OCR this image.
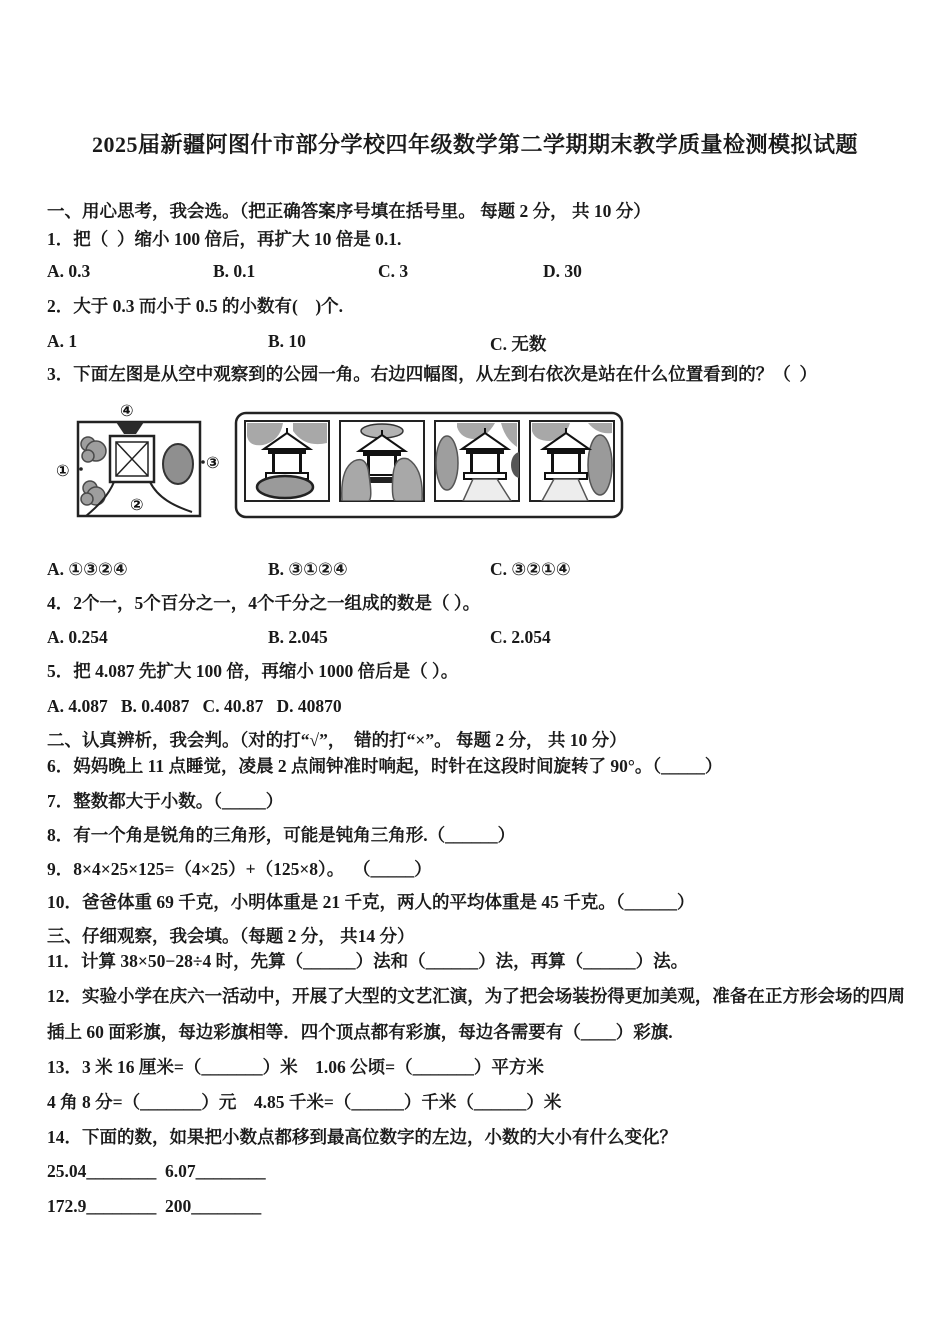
2025届新疆阿图什市部分学校四年级数学第二学期期末教学质量检测模拟试题

一、用心思考，我会选。（把正确答案序号填在括号里。 每题 2 分， 共 10 分）

1．把（  ）缩小 100 倍后，再扩大 10 倍是 0.1.

A. 0.3	B. 0.1	C. 3	D. 30

2．大于 0.3 而小于 0.5 的小数有(    )个.

A. 1	B. 10	C. 无数

3．下面左图是从空中观察到的公园一角。右边四幅图，从左到右依次是站在什么位置看到的？（  ）

④
①
②
③
A. ①③②④	B. ③①②④	C. ③②①④

4．2个一，5个百分之一，4个千分之一组成的数是（ ）。

A. 0.254	B. 2.045	C. 2.054

5．把 4.087 先扩大 100 倍，再缩小 1000 倍后是（ ）。

A. 4.087   B. 0.4087   C. 40.87   D. 40870

二、认真辨析，我会判。（对的打“√”，  错的打“×”。 每题 2 分， 共 10 分）

6．妈妈晚上 11 点睡觉，凌晨 2 点闹钟准时响起，时针在这段时间旋转了 90°。（_____）

7．整数都大于小数。（_____）

8．有一个角是锐角的三角形，可能是钝角三角形.（______）

9．8×4×25×125=（4×25）+（125×8）。  （_____）

10．爸爸体重 69 千克，小明体重是 21 千克，两人的平均体重是 45 千克。（______）

三、仔细观察，我会填。（每题 2 分， 共14 分）

11．计算 38×50−28÷4 时，先算（______）法和（______）法，再算（______）法。

12．实验小学在庆六一活动中，开展了大型的文艺汇演，为了把会场装扮得更加美观，准备在正方形会场的四周插上 60 面彩旗，每边彩旗相等．四个顶点都有彩旗，每边各需要有（____）彩旗.

13．3 米 16 厘米=（_______）米    1.06 公顷=（_______）平方米

4 角 8 分=（_______）元    4.85 千米=（______）千米（______）米

14．下面的数，如果把小数点都移到最高位数字的左边，小数的大小有什么变化？

25.04________ 6.07________
172.9________ 200________
